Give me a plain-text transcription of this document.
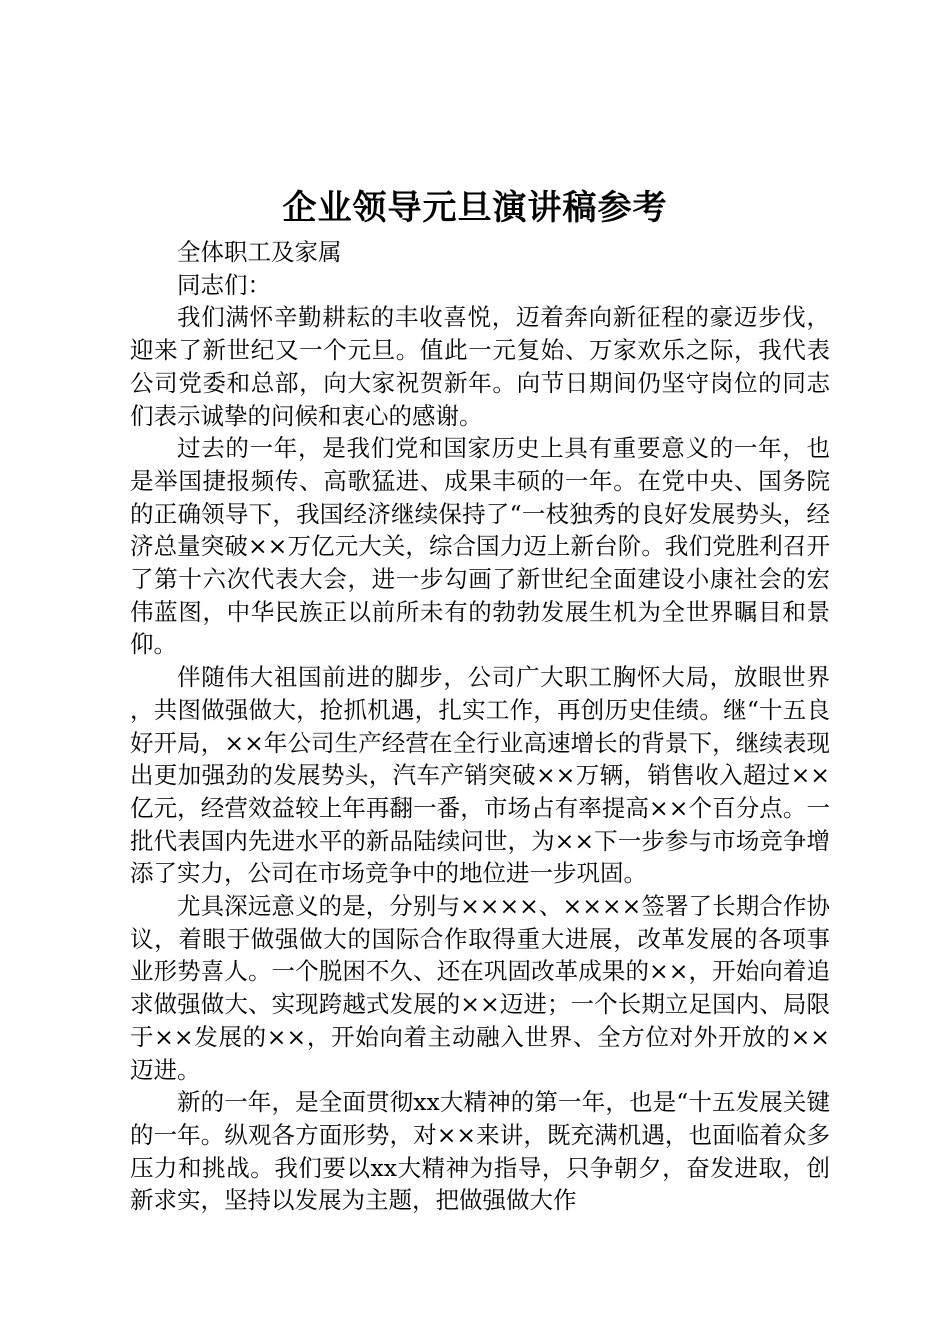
企业领导元旦演讲稿参考

全体职工及家属

同志们：

我们满怀辛勤耕耘的丰收喜悦，迈着奔向新征程的豪迈步伐，迎来了新世纪又一个元旦。值此一元复始、万家欢乐之际，我代表公司党委和总部，向大家祝贺新年。向节日期间仍坚守岗位的同志们表示诚挚的问候和衷心的感谢。

过去的一年，是我们党和国家历史上具有重要意义的一年，也是举国捷报频传、高歌猛进、成果丰硕的一年。在党中央、国务院的正确领导下，我国经济继续保持了“一枝独秀的良好发展势头，经济总量突破××万亿元大关，综合国力迈上新台阶。我们党胜利召开了第十六次代表大会，进一步勾画了新世纪全面建设小康社会的宏伟蓝图，中华民族正以前所未有的勃勃发展生机为全世界瞩目和景仰。

伴随伟大祖国前进的脚步，公司广大职工胸怀大局，放眼世界，共图做强做大，抢抓机遇，扎实工作，再创历史佳绩。继“十五良好开局，××年公司生产经营在全行业高速增长的背景下，继续表现出更加强劲的发展势头，汽车产销突破××万辆，销售收入超过××亿元，经营效益较上年再翻一番，市场占有率提高××个百分点。一批代表国内先进水平的新品陆续问世，为××下一步参与市场竞争增添了实力，公司在市场竞争中的地位进一步巩固。

尤具深远意义的是，分别与××××、××××签署了长期合作协议，着眼于做强做大的国际合作取得重大进展，改革发展的各项事业形势喜人。一个脱困不久、还在巩固改革成果的××，开始向着追求做强做大、实现跨越式发展的××迈进；一个长期立足国内、局限于××发展的××，开始向着主动融入世界、全方位对外开放的××迈进。

新的一年，是全面贯彻xx大精神的第一年，也是“十五发展关键的一年。纵观各方面形势，对××来讲，既充满机遇，也面临着众多压力和挑战。我们要以xx大精神为指导，只争朝夕，奋发进取，创新求实，坚持以发展为主题，把做强做大作
